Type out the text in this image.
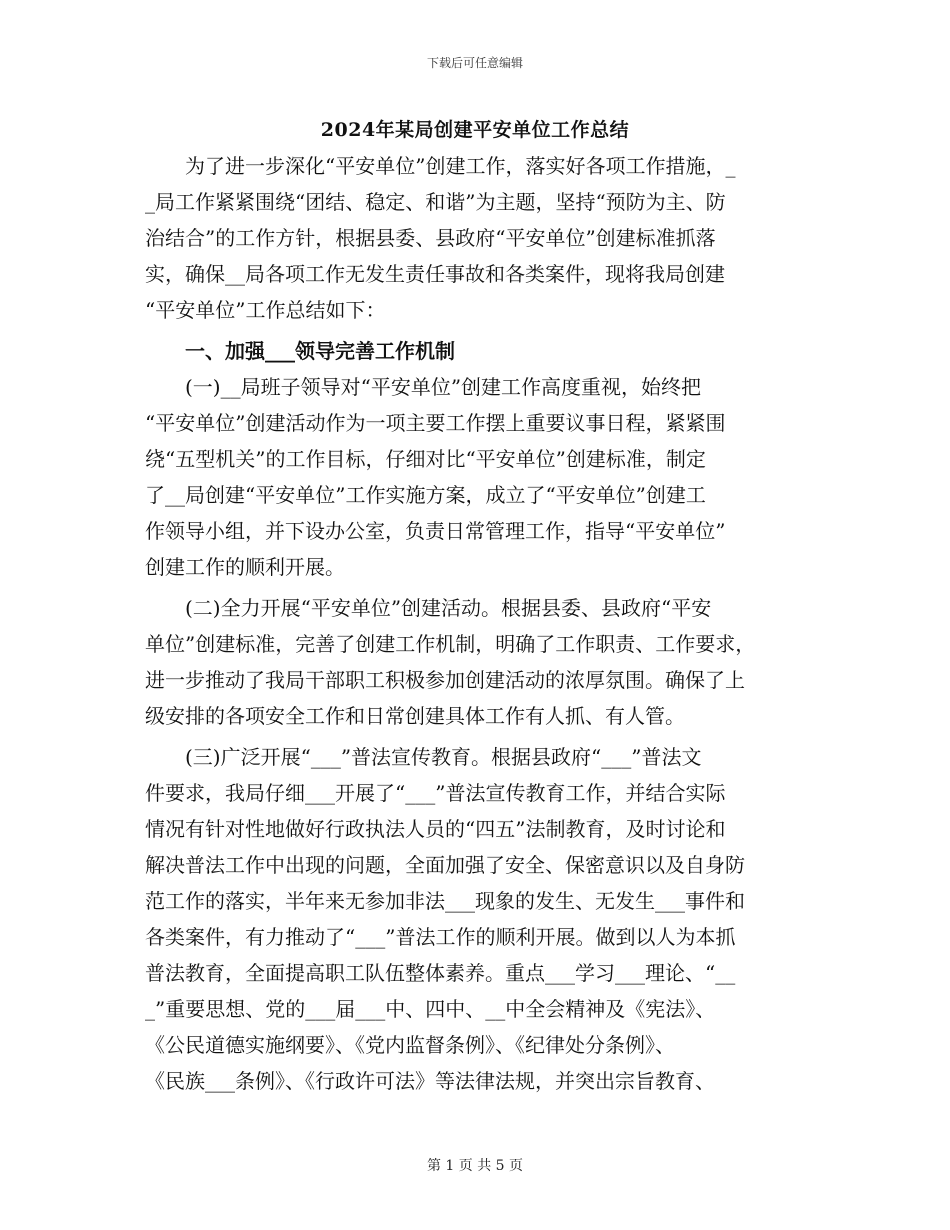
下载后可任意编辑
2024年某局创建平安单位工作总结
为了进一步深化“平安单位”创建工作，落实好各项工作措施，_
_局工作紧紧围绕“团结、稳定、和谐”为主题，坚持“预防为主、防
治结合”的工作方针，根据县委、县政府“平安单位”创建标准抓落
实，确保__局各项工作无发生责任事故和各类案件，现将我局创建
“平安单位”工作总结如下：
一、加强___领导完善工作机制
(一)__局班子领导对“平安单位”创建工作高度重视，始终把
“平安单位”创建活动作为一项主要工作摆上重要议事日程，紧紧围
绕“五型机关”的工作目标，仔细对比“平安单位”创建标准，制定
了__局创建“平安单位”工作实施方案，成立了“平安单位”创建工
作领导小组，并下设办公室，负责日常管理工作，指导“平安单位”
创建工作的顺利开展。
(二)全力开展“平安单位”创建活动。根据县委、县政府“平安
单位”创建标准，完善了创建工作机制，明确了工作职责、工作要求，
进一步推动了我局干部职工积极参加创建活动的浓厚氛围。确保了上
级安排的各项安全工作和日常创建具体工作有人抓、有人管。
(三)广泛开展“___”普法宣传教育。根据县政府“___”普法文
件要求，我局仔细___开展了“___”普法宣传教育工作，并结合实际
情况有针对性地做好行政执法人员的“四五”法制教育，及时讨论和
解决普法工作中出现的问题，全面加强了安全、保密意识以及自身防
范工作的落实，半年来无参加非法___现象的发生、无发生___事件和
各类案件，有力推动了“___”普法工作的顺利开展。做到以人为本抓
普法教育，全面提高职工队伍整体素养。重点___学习___理论、“__
_”重要思想、党的___届___中、四中、__中全会精神及《宪法》、
《公民道德实施纲要》、《党内监督条例》、《纪律处分条例》、
《民族___条例》、《行政许可法》等法律法规，并突出宗旨教育、
第 1 页 共 5 页
